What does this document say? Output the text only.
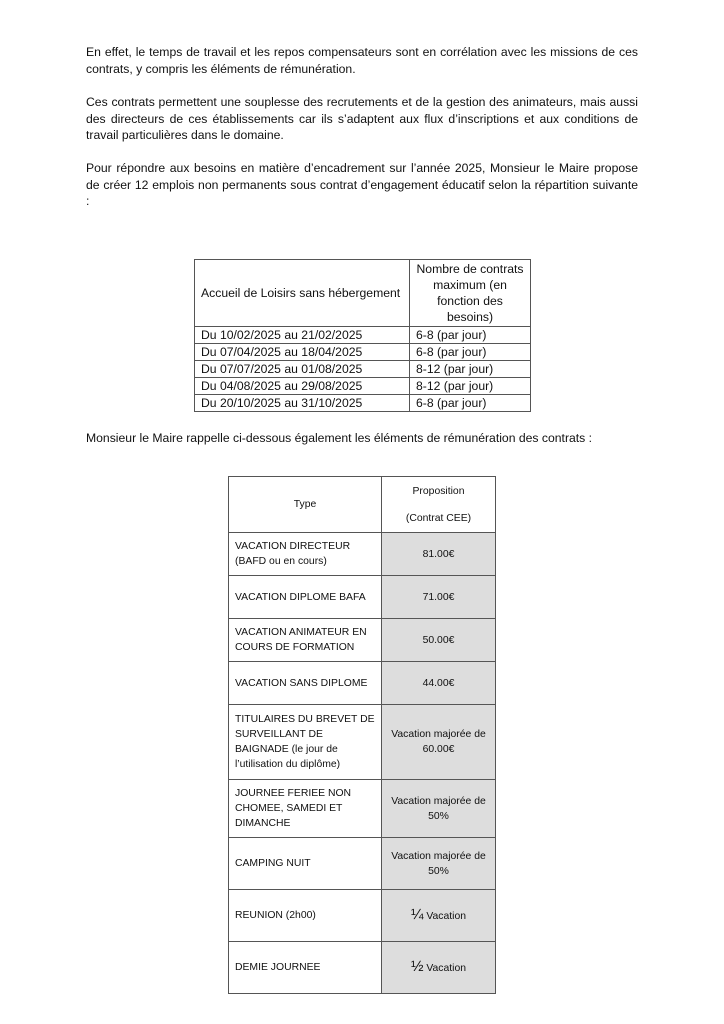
En effet, le temps de travail et les repos compensateurs sont en corrélation avec les missions de ces contrats, y compris les éléments de rémunération.

Ces contrats permettent une souplesse des recrutements et de la gestion des animateurs, mais aussi des directeurs de ces établissements car ils s’adaptent aux flux d’inscriptions et aux conditions de travail particulières dans le domaine.

Pour répondre aux besoins en matière d’encadrement sur l’année 2025, Monsieur le Maire propose de créer 12 emplois non permanents sous contrat d’engagement éducatif selon la répartition suivante :

Accueil de Loisirs sans hébergement	Nombre de contrats maximum (en fonction des besoins)
Du 10/02/2025 au 21/02/2025	6-8 (par jour)
Du 07/04/2025 au 18/04/2025	6-8 (par jour)
Du 07/07/2025 au 01/08/2025	8-12 (par jour)
Du 04/08/2025 au 29/08/2025	8-12 (par jour)
Du 20/10/2025 au 31/10/2025	6-8 (par jour)

Monsieur le Maire rappelle ci-dessous également les éléments de rémunération des contrats :

Type	Proposition
(Contrat CEE)

VACATION DIRECTEUR (BAFD ou en cours)	81.00€
VACATION DIPLOME BAFA	71.00€
VACATION ANIMATEUR EN COURS DE FORMATION	50.00€
VACATION SANS DIPLOME	44.00€
TITULAIRES DU BREVET DE SURVEILLANT DE BAIGNADE (le jour de l’utilisation du diplôme)	Vacation majorée de 60.00€
JOURNEE FERIEE NON CHOMEE, SAMEDI ET DIMANCHE	Vacation majorée de 50%
CAMPING NUIT	Vacation majorée de 50%
REUNION (2h00)	¼ Vacation
DEMIE JOURNEE	½ Vacation
